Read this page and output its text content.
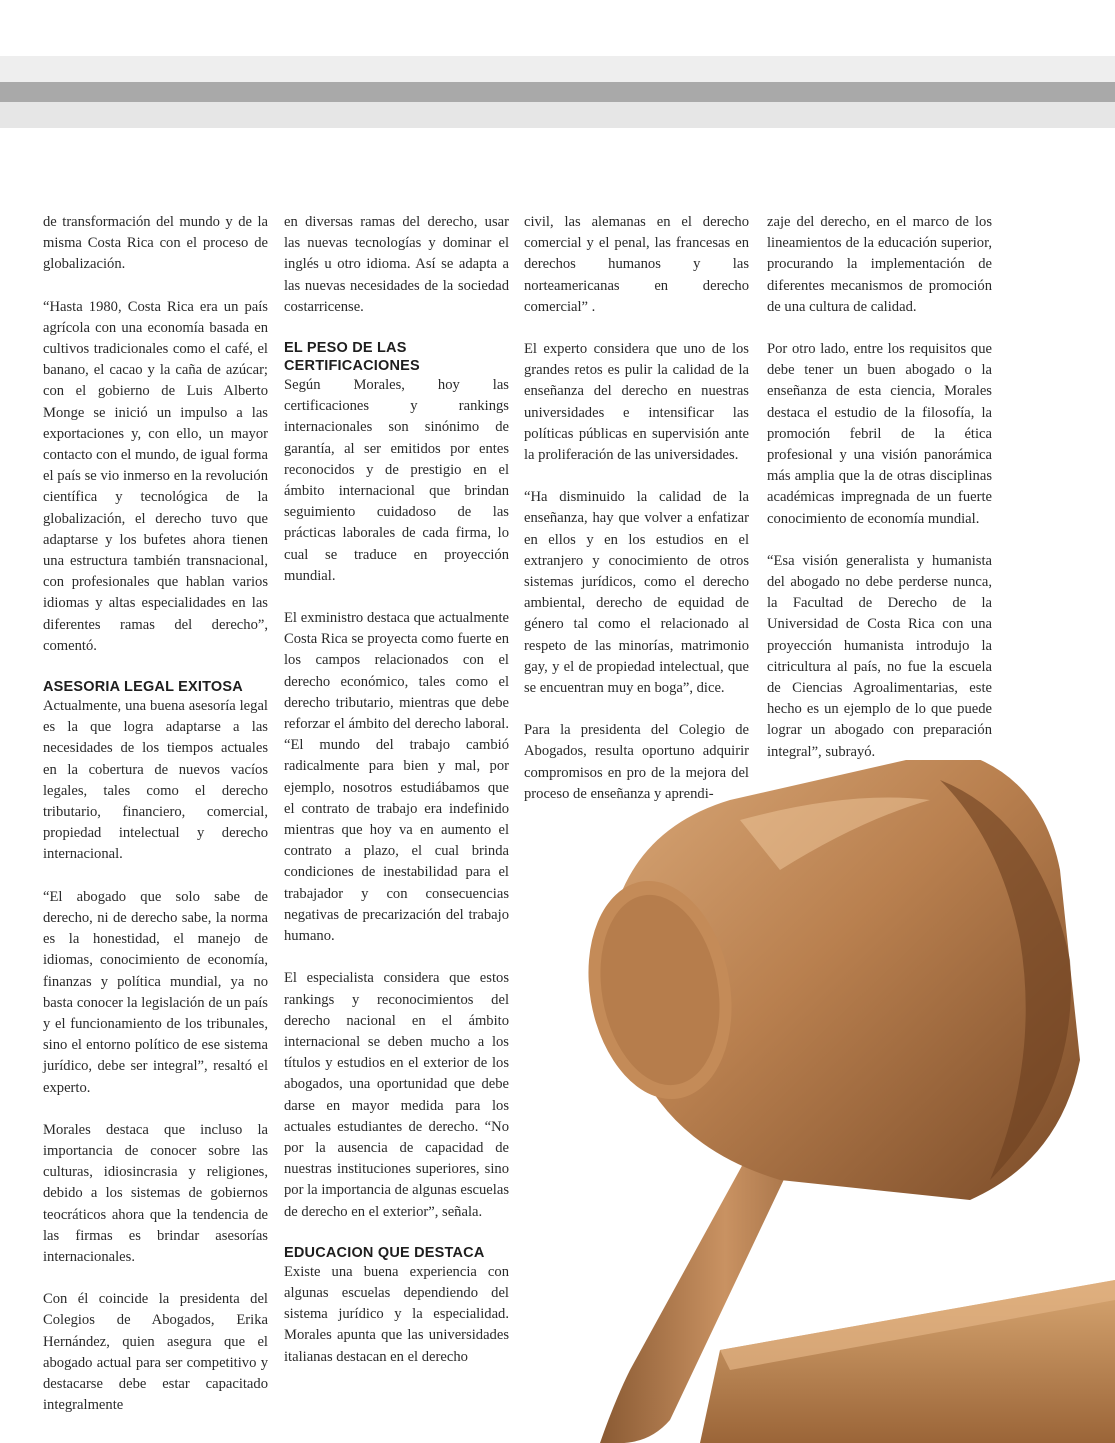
de transformación del mundo y de la misma Costa Rica con el proceso de globalización.

“Hasta 1980, Costa Rica era un país agrícola con una economía basada en cultivos tradicionales como el café, el banano, el cacao y la caña de azúcar; con el gobierno de Luis Alberto Monge se inició un impulso a las exportaciones y, con ello, un mayor contacto con el mundo, de igual forma el país se vio inmerso en la revolución científica y tecnológica de la globalización, el derecho tuvo que adaptarse y los bufetes ahora tienen una estructura también transnacional, con profesionales que hablan varios idiomas y altas especialidades en las diferentes ramas del derecho”, comentó.

ASESORIA LEGAL EXITOSA

Actualmente, una buena asesoría legal es la que logra adaptarse a las necesidades de los tiempos actuales en la cobertura de nuevos vacíos legales, tales como el derecho tributario, financiero, comercial, propiedad intelectual y derecho internacional.

“El abogado que solo sabe de derecho, ni de derecho sabe, la norma es la honestidad, el manejo de idiomas, conocimiento de economía, finanzas y política mundial, ya no basta conocer la legislación de un país y el funcionamiento de los tribunales, sino el entorno político de ese sistema jurídico, debe ser integral”, resaltó el experto.

Morales destaca que incluso la importancia de conocer sobre las culturas, idiosincrasia y religiones, debido a los sistemas de gobiernos teocráticos ahora que la tendencia de las firmas es brindar asesorías internacionales.

Con él coincide la presidenta del Colegios de Abogados, Erika Hernández, quien asegura que el abogado actual para ser competitivo y destacarse debe estar capacitado integralmente

en diversas ramas del derecho, usar las nuevas tecnologías y dominar el inglés u otro idioma. Así se adapta a las nuevas necesidades de la sociedad costarricense.

EL PESO DE LAS CERTIFICACIONES

Según Morales, hoy las certificaciones y rankings internacionales son sinónimo de garantía, al ser emitidos por entes reconocidos y de prestigio en el ámbito internacional que brindan seguimiento cuidadoso de las prácticas laborales de cada firma, lo cual se traduce en proyección mundial.

El exministro destaca que actualmente Costa Rica se proyecta como fuerte en los campos relacionados con el derecho económico, tales como el derecho tributario, mientras que debe reforzar el ámbito del derecho laboral. “El mundo del trabajo cambió radicalmente para bien y mal, por ejemplo, nosotros estudiábamos que el contrato de trabajo era indefinido mientras que hoy va en aumento el contrato a plazo, el cual brinda condiciones de inestabilidad para el trabajador y con consecuencias negativas de precarización del trabajo humano.

El especialista considera que estos rankings y reconocimientos del derecho nacional en el ámbito internacional se deben mucho a los títulos y estudios en el exterior de los abogados, una oportunidad que debe darse en mayor medida para los actuales estudiantes de derecho. “No por la ausencia de capacidad de nuestras instituciones superiores, sino por la importancia de algunas escuelas de derecho en el exterior”, señala.

EDUCACION QUE DESTACA

Existe una buena experiencia con algunas escuelas dependiendo del sistema jurídico y la especialidad. Morales apunta que las universidades italianas destacan en el derecho

civil, las alemanas en el derecho comercial y el penal, las francesas en derechos humanos y las norteamericanas en derecho comercial” .

El experto considera que uno de los grandes retos es pulir la calidad de la enseñanza del derecho en nuestras universidades e intensificar las políticas públicas en supervisión ante la proliferación de las universidades.

“Ha disminuido la calidad de la enseñanza, hay que volver a enfatizar en ellos y en los estudios en el extranjero y conocimiento de otros sistemas jurídicos, como el derecho ambiental, derecho de equidad de género tal como el relacionado al respeto de las minorías, matrimonio gay, y el de propiedad intelectual, que se encuentran muy en boga”, dice.

Para la presidenta del Colegio de Abogados, resulta oportuno adquirir compromisos en pro de la mejora del proceso de enseñanza y aprendi-

zaje del derecho, en el marco de los lineamientos de la educación superior, procurando la implementación de diferentes mecanismos de promoción de una cultura de calidad.

Por otro lado, entre los requisitos que debe tener un buen abogado o la enseñanza de esta ciencia, Morales destaca el estudio de la filosofía, la promoción febril de la ética profesional y una visión panorámica más amplia que la de otras disciplinas académicas impregnada de un fuerte conocimiento de economía mundial.

“Esa visión generalista y humanista del abogado no debe perderse nunca, la Facultad de Derecho de la Universidad de Costa Rica con una proyección humanista introdujo la citricultura al país, no fue la escuela de Ciencias Agroalimentarias, este hecho es un ejemplo de lo que puede lograr un abogado con preparación integral”, subrayó.
